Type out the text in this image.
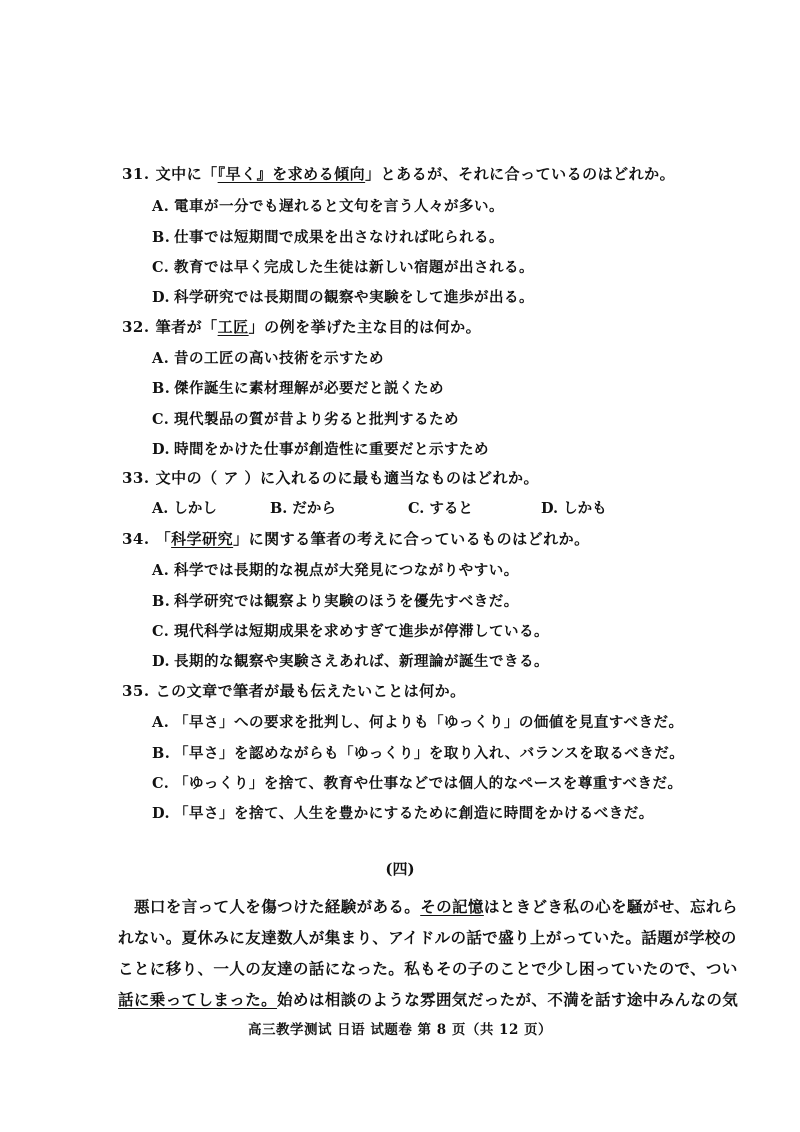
31. 文中に「『早く』を求める傾向」とあるが、それに合っているのはどれか。
A. 電車が一分でも遅れると文句を言う人々が多い。
B. 仕事では短期間で成果を出さなければ叱られる。
C. 教育では早く完成した生徒は新しい宿題が出される。
D. 科学研究では長期間の観察や実験をして進歩が出る。
32. 筆者が「工匠」の例を挙げた主な目的は何か。
A. 昔の工匠の高い技術を示すため
B. 傑作誕生に素材理解が必要だと説くため
C. 現代製品の質が昔より劣ると批判するため
D. 時間をかけた仕事が創造性に重要だと示すため
33. 文中の（ ア ）に入れるのに最も適当なものはどれか。
A. しかし	B. だから	C. すると	D. しかも
34. 「科学研究」に関する筆者の考えに合っているものはどれか。
A. 科学では長期的な視点が大発見につながりやすい。
B. 科学研究では観察より実験のほうを優先すべきだ。
C. 現代科学は短期成果を求めすぎて進歩が停滞している。
D. 長期的な観察や実験さえあれば、新理論が誕生できる。
35. この文章で筆者が最も伝えたいことは何か。
A. 「早さ」への要求を批判し、何よりも「ゆっくり」の価値を見直すべきだ。
B. 「早さ」を認めながらも「ゆっくり」を取り入れ、バランスを取るべきだ。
C. 「ゆっくり」を捨て、教育や仕事などでは個人的なペースを尊重すべきだ。
D. 「早さ」を捨て、人生を豊かにするために創造に時間をかけるべきだ。
(四)
悪口を言って人を傷つけた経験がある。その記憶はときどき私の心を騒がせ、忘れら
れない。夏休みに友達数人が集まり、アイドルの話で盛り上がっていた。話題が学校の
ことに移り、一人の友達の話になった。私もその子のことで少し困っていたので、つい
話に乗ってしまった。始めは相談のような雰囲気だったが、不満を話す途中みんなの気
高三教学测试 日语 试题卷 第 8 页（共 12 页）
